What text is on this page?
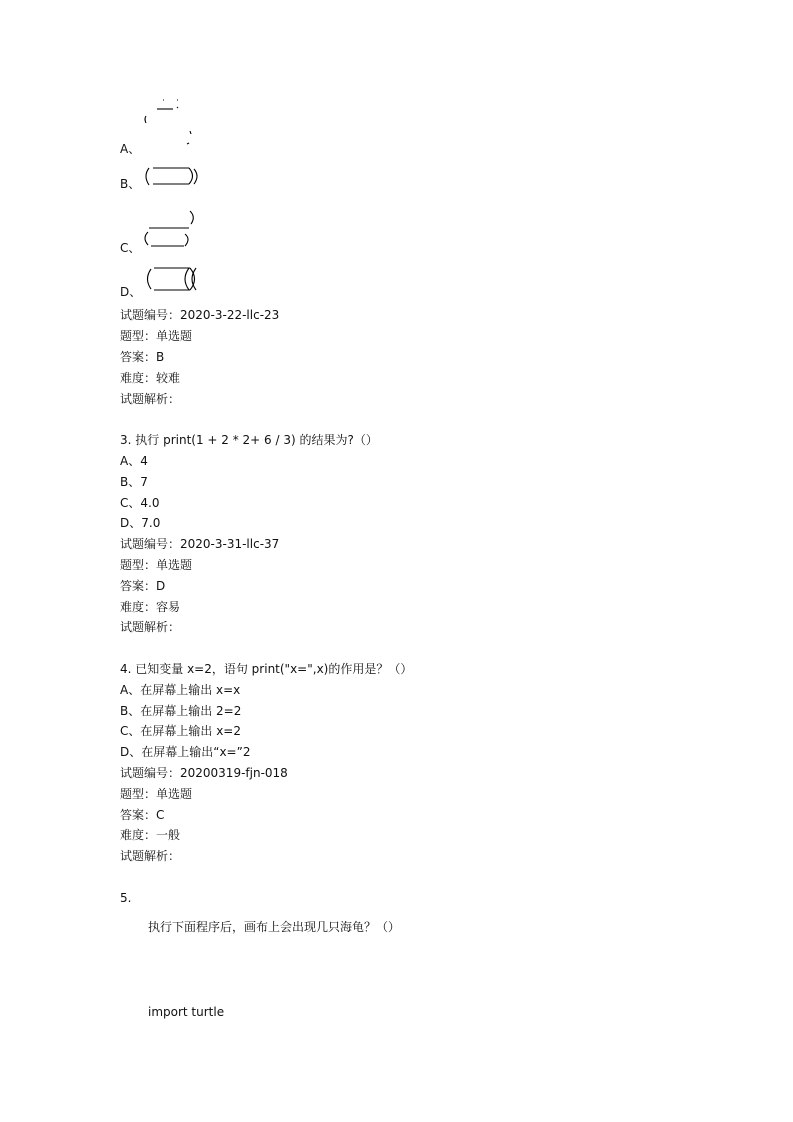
A、
B、
C、
D、
试题编号：2020-3-22-llc-23
题型：单选题
答案：B
难度：较难
试题解析：
3. 执行 print(1 + 2 * 2+ 6 / 3) 的结果为?（）
A、4
B、7
C、4.0
D、7.0
试题编号：2020-3-31-llc-37
题型：单选题
答案：D
难度：容易
试题解析：
4. 已知变量 x=2，语句 print("x=",x)的作用是？（）
A、在屏幕上输出 x=x
B、在屏幕上输出 2=2
C、在屏幕上输出 x=2
D、在屏幕上输出“x=”2
试题编号：20200319-fjn-018
题型：单选题
答案：C
难度：一般
试题解析：
5.
执行下面程序后，画布上会出现几只海龟？（）
import turtle
